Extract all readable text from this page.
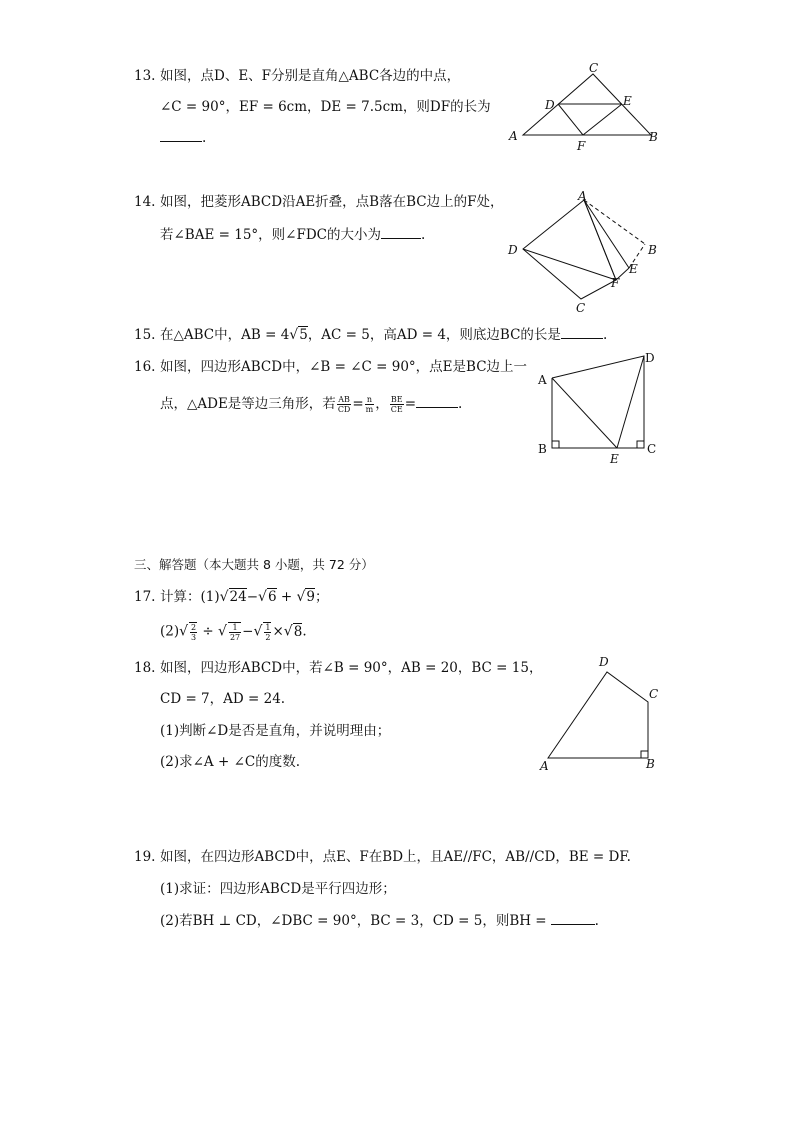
13. 如图，点D、E、F分别是直角△ABC各边的中点，
∠C = 90°，EF = 6cm，DE = 7.5cm，则DF的长为
.
C
D	E
A	B
F
14. 如图，把菱形ABCD沿AE折叠，点B落在BC边上的F处，
若∠BAE = 15°，则∠FDC的大小为	.
A
D	B
E
F
C
15. 在△ABC中，AB = 4√5，AC = 5，高AD = 4，则底边BC的长是	.
16. 如图，四边形ABCD中，∠B = ∠C = 90°，点E是BC边上一
点，△ADE是等边三角形，若 $\frac{AB}{CD} = \frac{n}{m}$ ， $\frac{BE}{CE}$ =	.
A
D
B	C
E
三、解答题（本大题共 8 小题，共 72 分）
17. 计算：(1)√24−√6 + √9；
$(2)√ \frac{2}{3}$ ÷ √ $\frac{1}{27}$ −√ $\frac{1}{2} \times√8$.
18. 如图，四边形ABCD中，若∠B = 90°，AB = 20，BC = 15，
CD = 7，AD = 24.
(1)判断∠D是否是直角，并说明理由；
(2)求∠A + ∠C的度数.
D
C
A	B
19. 如图，在四边形ABCD中，点E、F在BD上，且AE//FC，AB//CD，BE = DF.
(1)求证：四边形ABCD是平行四边形；
(2)若BH ⊥ CD，∠DBC = 90°，BC = 3，CD = 5，则BH =	.
